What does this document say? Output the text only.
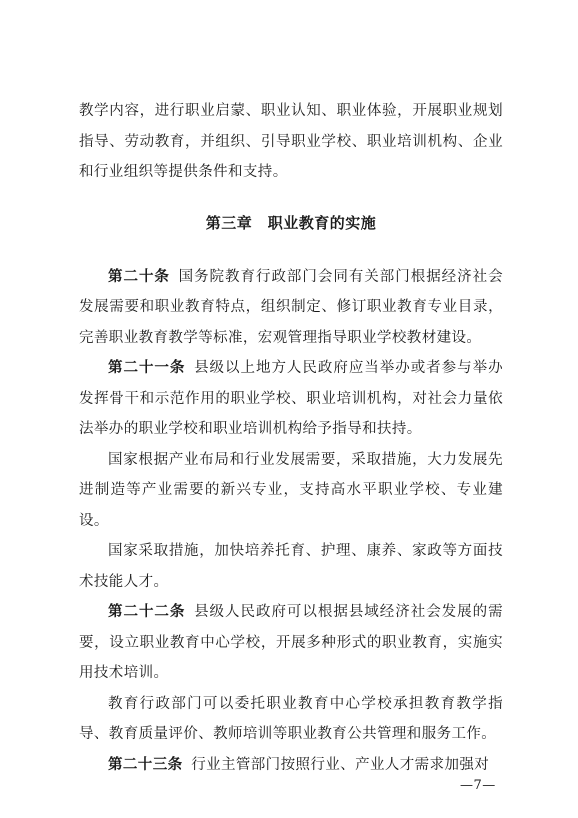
教学内容，进行职业启蒙、职业认知、职业体验，开展职业规划指导、劳动教育，并组织、引导职业学校、职业培训机构、企业和行业组织等提供条件和支持。

第三章　职业教育的实施

第二十条 国务院教育行政部门会同有关部门根据经济社会发展需要和职业教育特点，组织制定、修订职业教育专业目录，完善职业教育教学等标准，宏观管理指导职业学校教材建设。

第二十一条 县级以上地方人民政府应当举办或者参与举办发挥骨干和示范作用的职业学校、职业培训机构，对社会力量依法举办的职业学校和职业培训机构给予指导和扶持。

国家根据产业布局和行业发展需要，采取措施，大力发展先进制造等产业需要的新兴专业，支持高水平职业学校、专业建设。

国家采取措施，加快培养托育、护理、康养、家政等方面技术技能人才。

第二十二条 县级人民政府可以根据县域经济社会发展的需要，设立职业教育中心学校，开展多种形式的职业教育，实施实用技术培训。

教育行政部门可以委托职业教育中心学校承担教育教学指导、教育质量评价、教师培训等职业教育公共管理和服务工作。

第二十三条 行业主管部门按照行业、产业人才需求加强对

—7—
